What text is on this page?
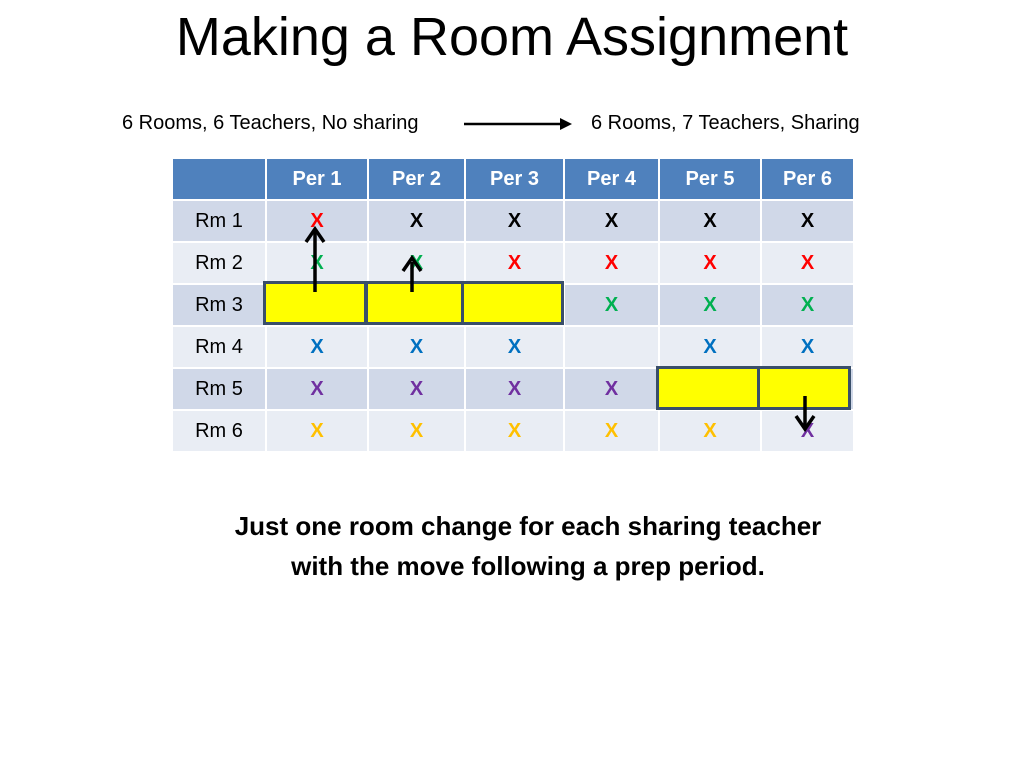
Making a Room Assignment
6 Rooms, 6 Teachers, No sharing	6 Rooms, 7 Teachers, Sharing
	Per 1	Per 2	Per 3	Per 4	Per 5	Per 6
Rm 1	X	X	X	X	X	X
Rm 2	X	X	X	X	X	X
Rm 3				X	X	X
Rm 4	X	X	X		X	X
Rm 5	X	X	X	X		
Rm 6	X	X	X	X	X	X
Just one room change for each sharing teacher
with the move following a prep period.
